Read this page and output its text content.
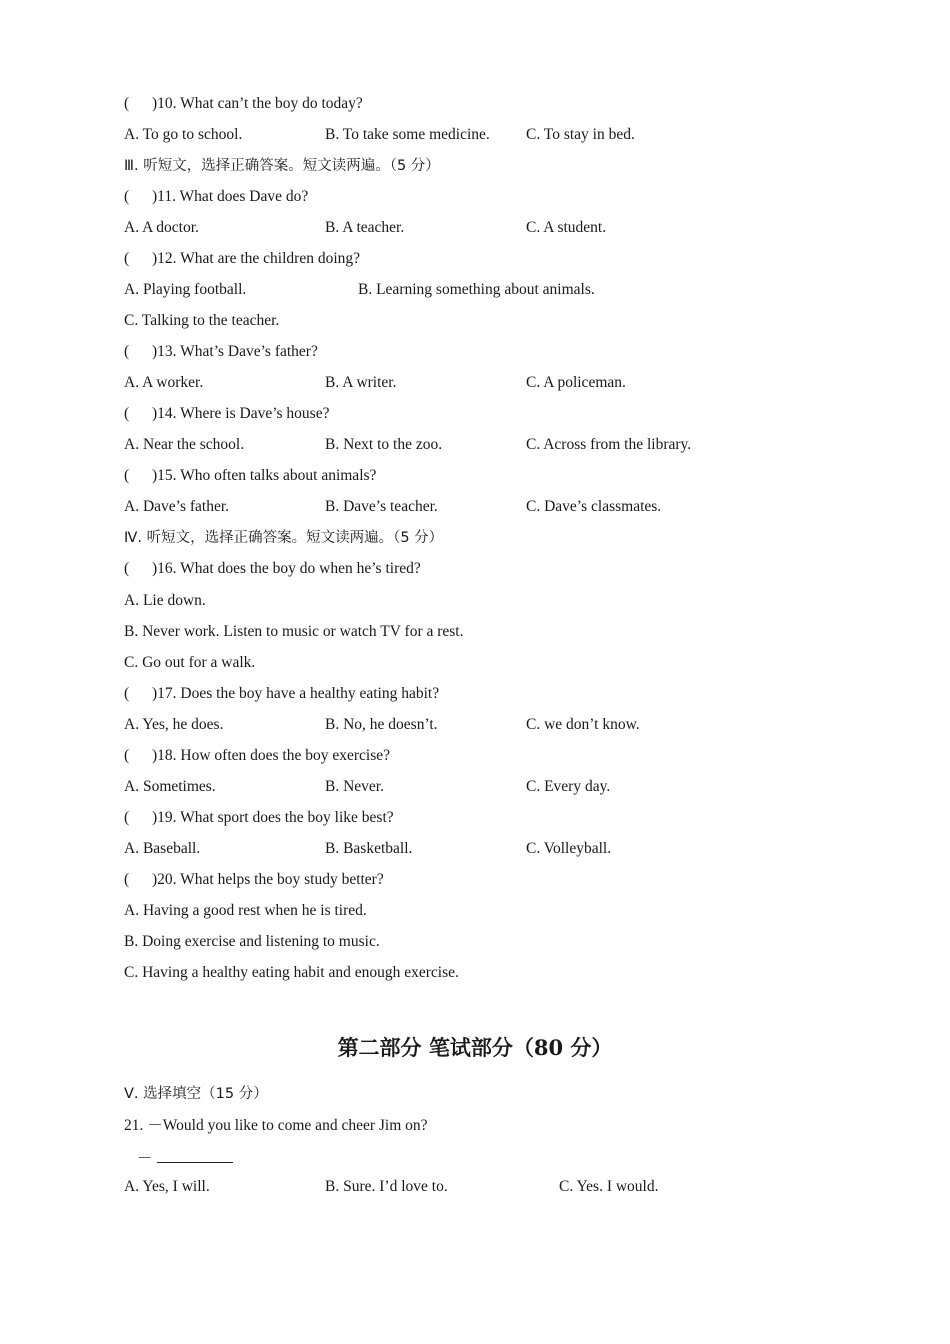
( )10. What can’t the boy do today?
A. To go to school.	B. To take some medicine. C. To stay in bed.
Ⅲ. 听短文，选择正确答案。短文读两遍。（5 分）
( )11. What does Dave do?
A. A doctor.	B. A teacher.	C. A student.
( )12. What are the children doing?
A. Playing football.	B. Learning something about animals.
C. Talking to the teacher.
( )13. What’s Dave’s father?
A. A worker.	B. A writer.	C. A policeman.
( )14. Where is Dave’s house?
A. Near the school.	B. Next to the zoo.	C. Across from the library.
( )15. Who often talks about animals?
A. Dave’s father.	B. Dave’s teacher.	C. Dave’s classmates.
Ⅳ. 听短文，选择正确答案。短文读两遍。（5 分）
( )16. What does the boy do when he’s tired?
A. Lie down.
B. Never work. Listen to music or watch TV for a rest.
C. Go out for a walk.
( )17. Does the boy have a healthy eating habit?
A. Yes, he does.	B. No, he doesn’t.	C. we don’t know.
( )18. How often does the boy exercise?
A. Sometimes.	B. Never.	C. Every day.
( )19. What sport does the boy like best?
A. Baseball.	B. Basketball.	C. Volleyball.
( )20. What helps the boy study better?
A. Having a good rest when he is tired.
B. Doing exercise and listening to music.
C. Having a healthy eating habit and enough exercise.
第二部分 笔试部分（80 分）
Ⅴ. 选择填空（15 分）
21. －Would you like to come and cheer Jim on?
－
A. Yes, I will.	B. Sure. I’d love to.	C. Yes. I would.
